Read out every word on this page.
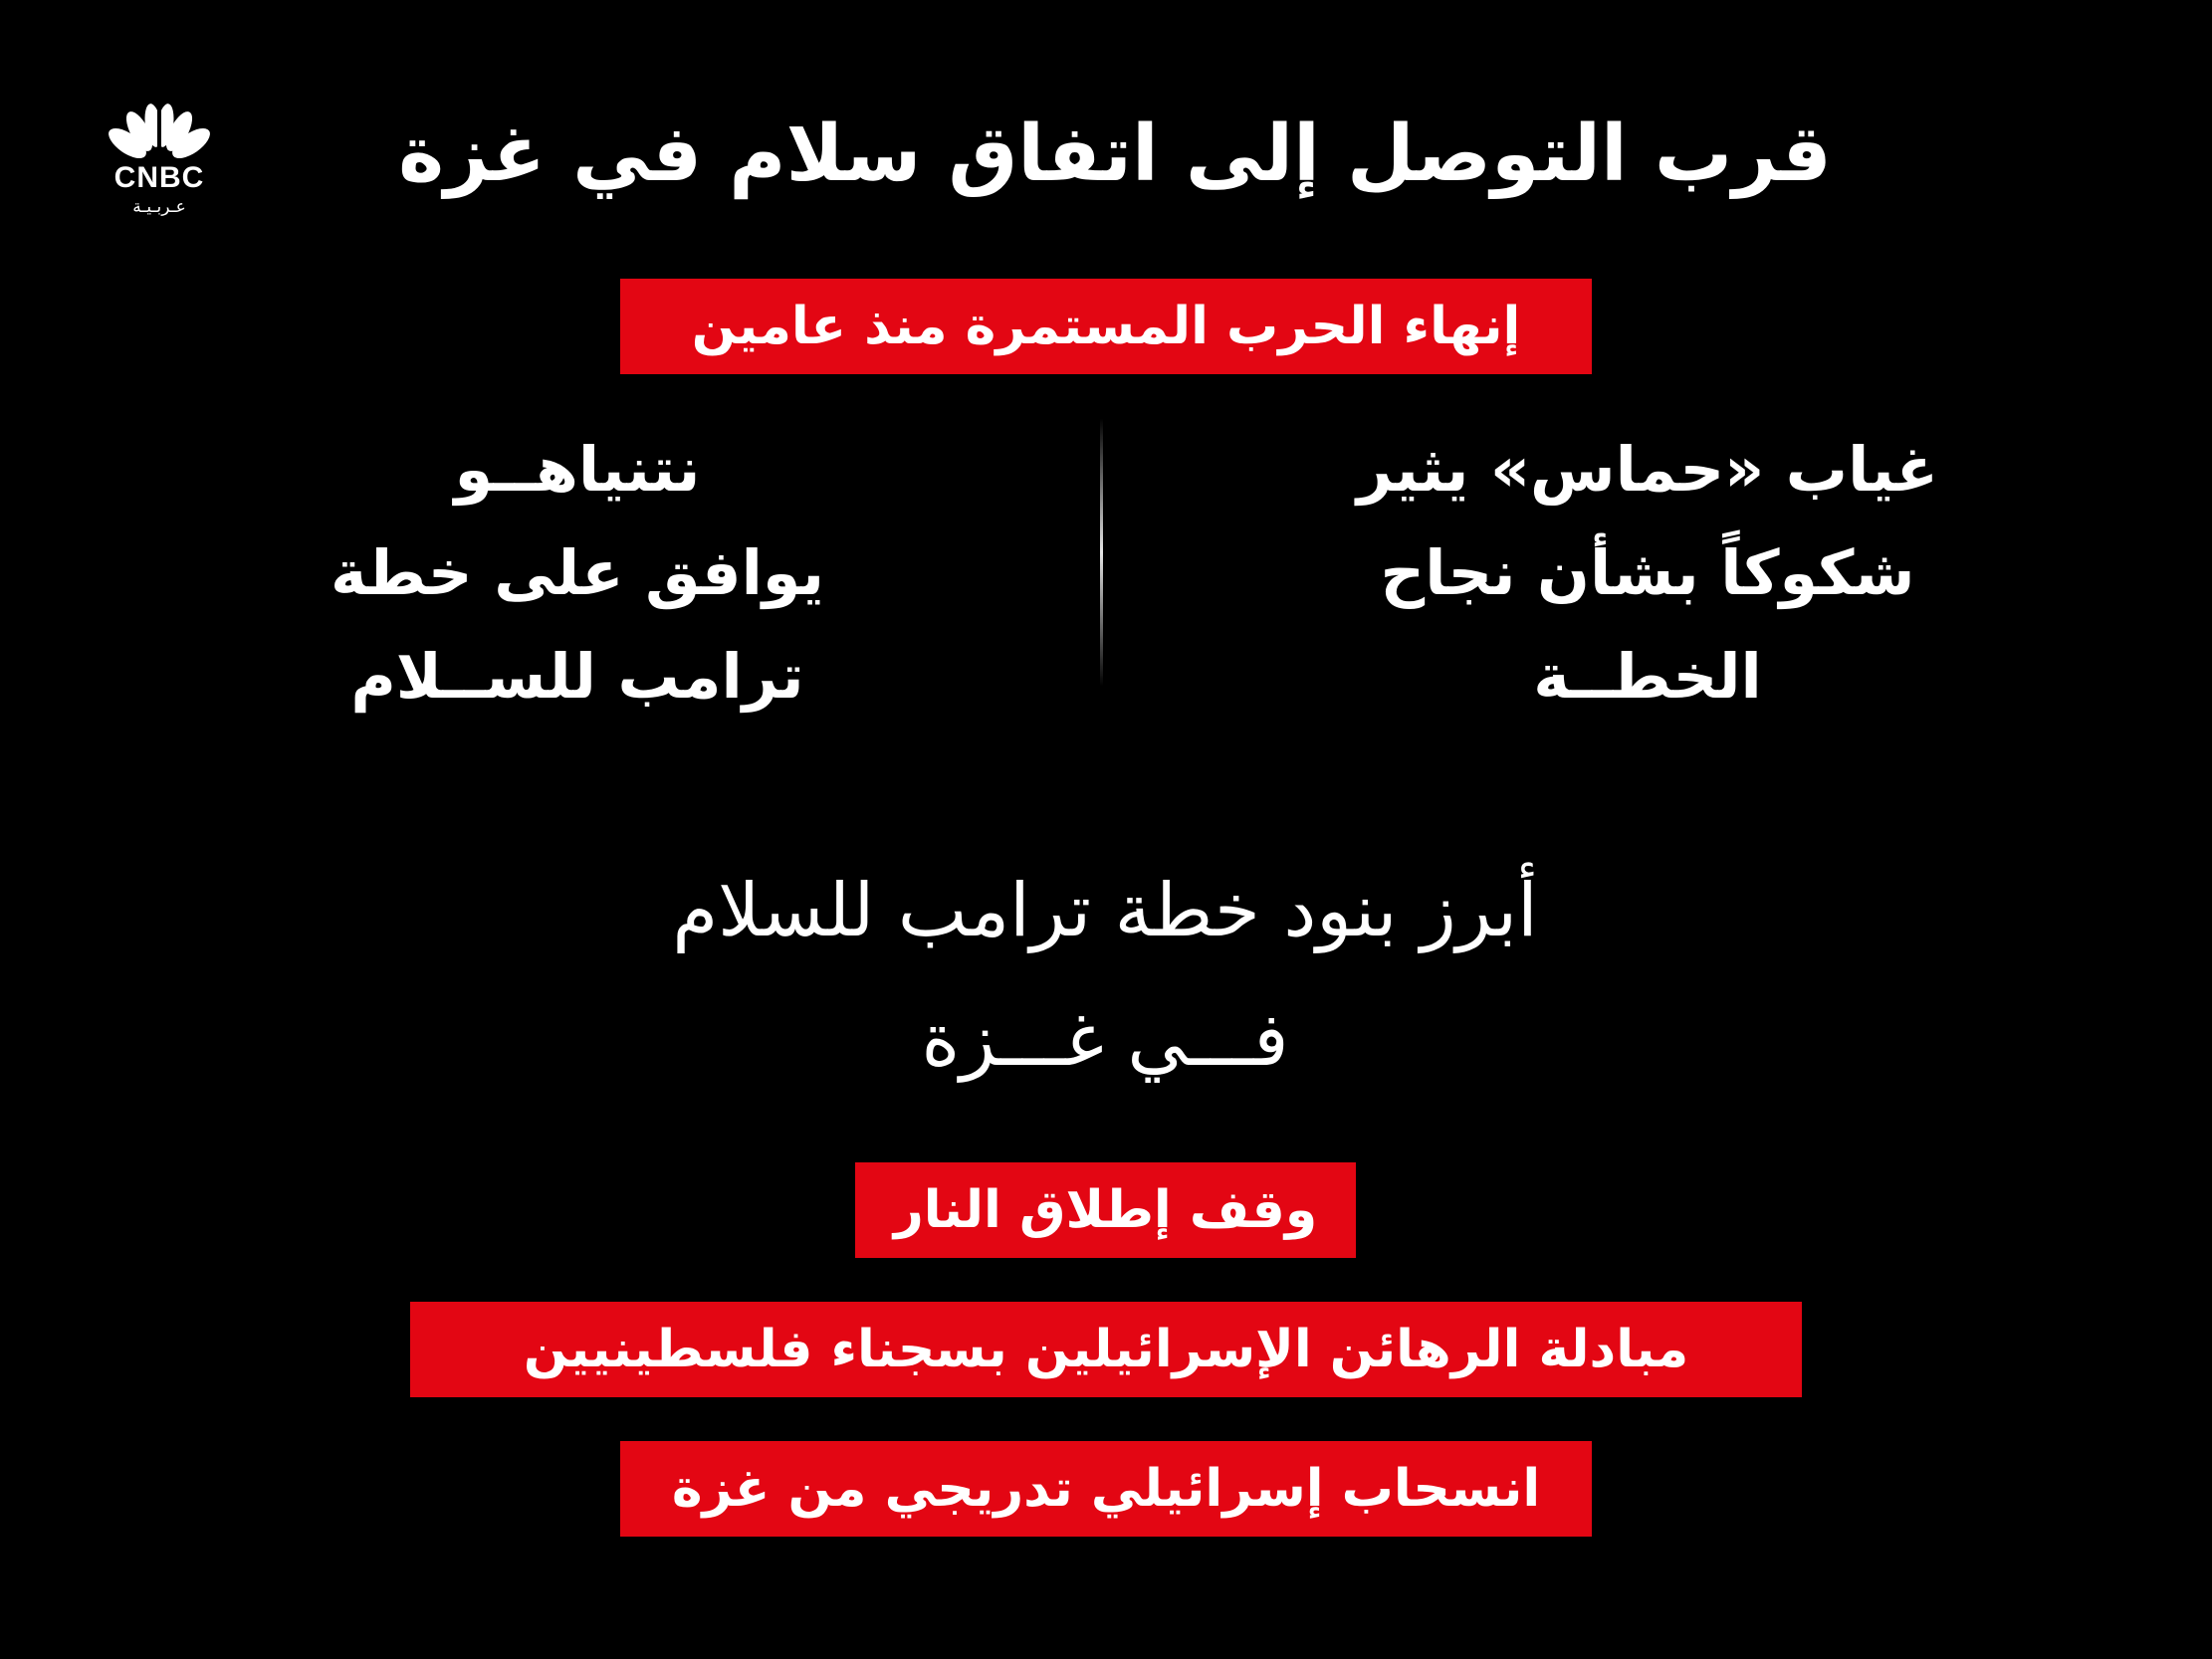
CNBC
عـربـيـة
قرب التوصل إلى اتفاق سلام في غزة
إنهاء الحرب المستمرة منذ عامين
غياب «حماس» يثير
شكوكاً بشأن نجاح
الخطــة
نتنياهــو
يوافق على خطة
ترامب للســلام
أبرز بنود خطة ترامب للسلام
فـــي غـــزة
وقف إطلاق النار
مبادلة الرهائن الإسرائيلين بسجناء فلسطينيين
انسحاب إسرائيلي تدريجي من غزة
